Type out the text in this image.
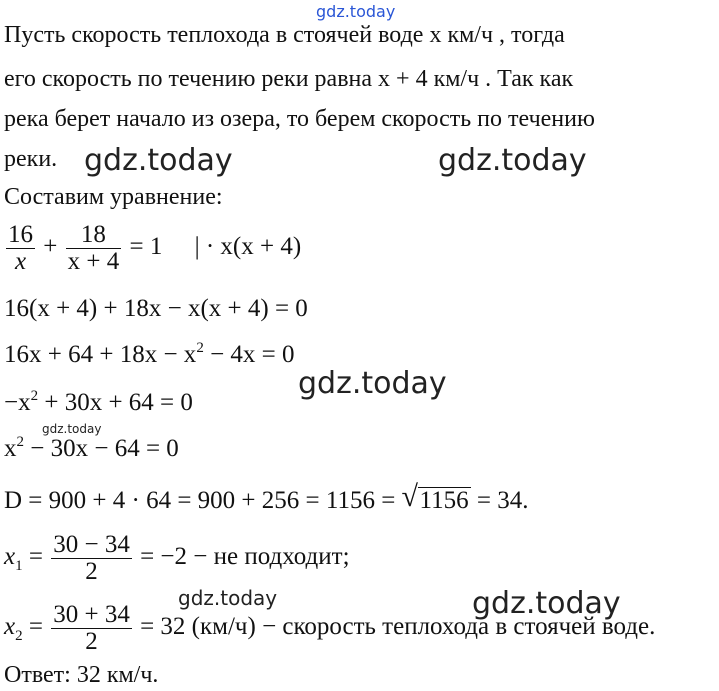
gdz.today
gdz.today	gdz.today
gdz.today
gdz.today
gdz.today	gdz.today
Пусть скорость теплохода в стоячей воде x км/ч , тогда
его скорость по течению реки равна x + 4 км/ч . Так как
река берет начало из озера, то берем скорость по течению
реки.
Составим уравнение:
$\frac{16}{x} + \frac{18}{x + 4} = 1$ | · x(x + 4)
16(x + 4) + 18x − x(x + 4) = 0
$16x + 64 + 18x - x^2 - 4x = 0$
$-x^2 + 30x + 64 = 0$
$x^2 - 30x - 64 = 0$
D = 900 + 4 · 64 = 900 + 256 = 1156 = √ 1156 = 34.
$x_1 = \frac{30 - 34}{2} = -2$ − не подходит;
$x_2 = \frac{30 + 34}{2} = 32$ (км/ч) − скорость теплохода в стоячей воде.
Ответ: 32 км/ч.
